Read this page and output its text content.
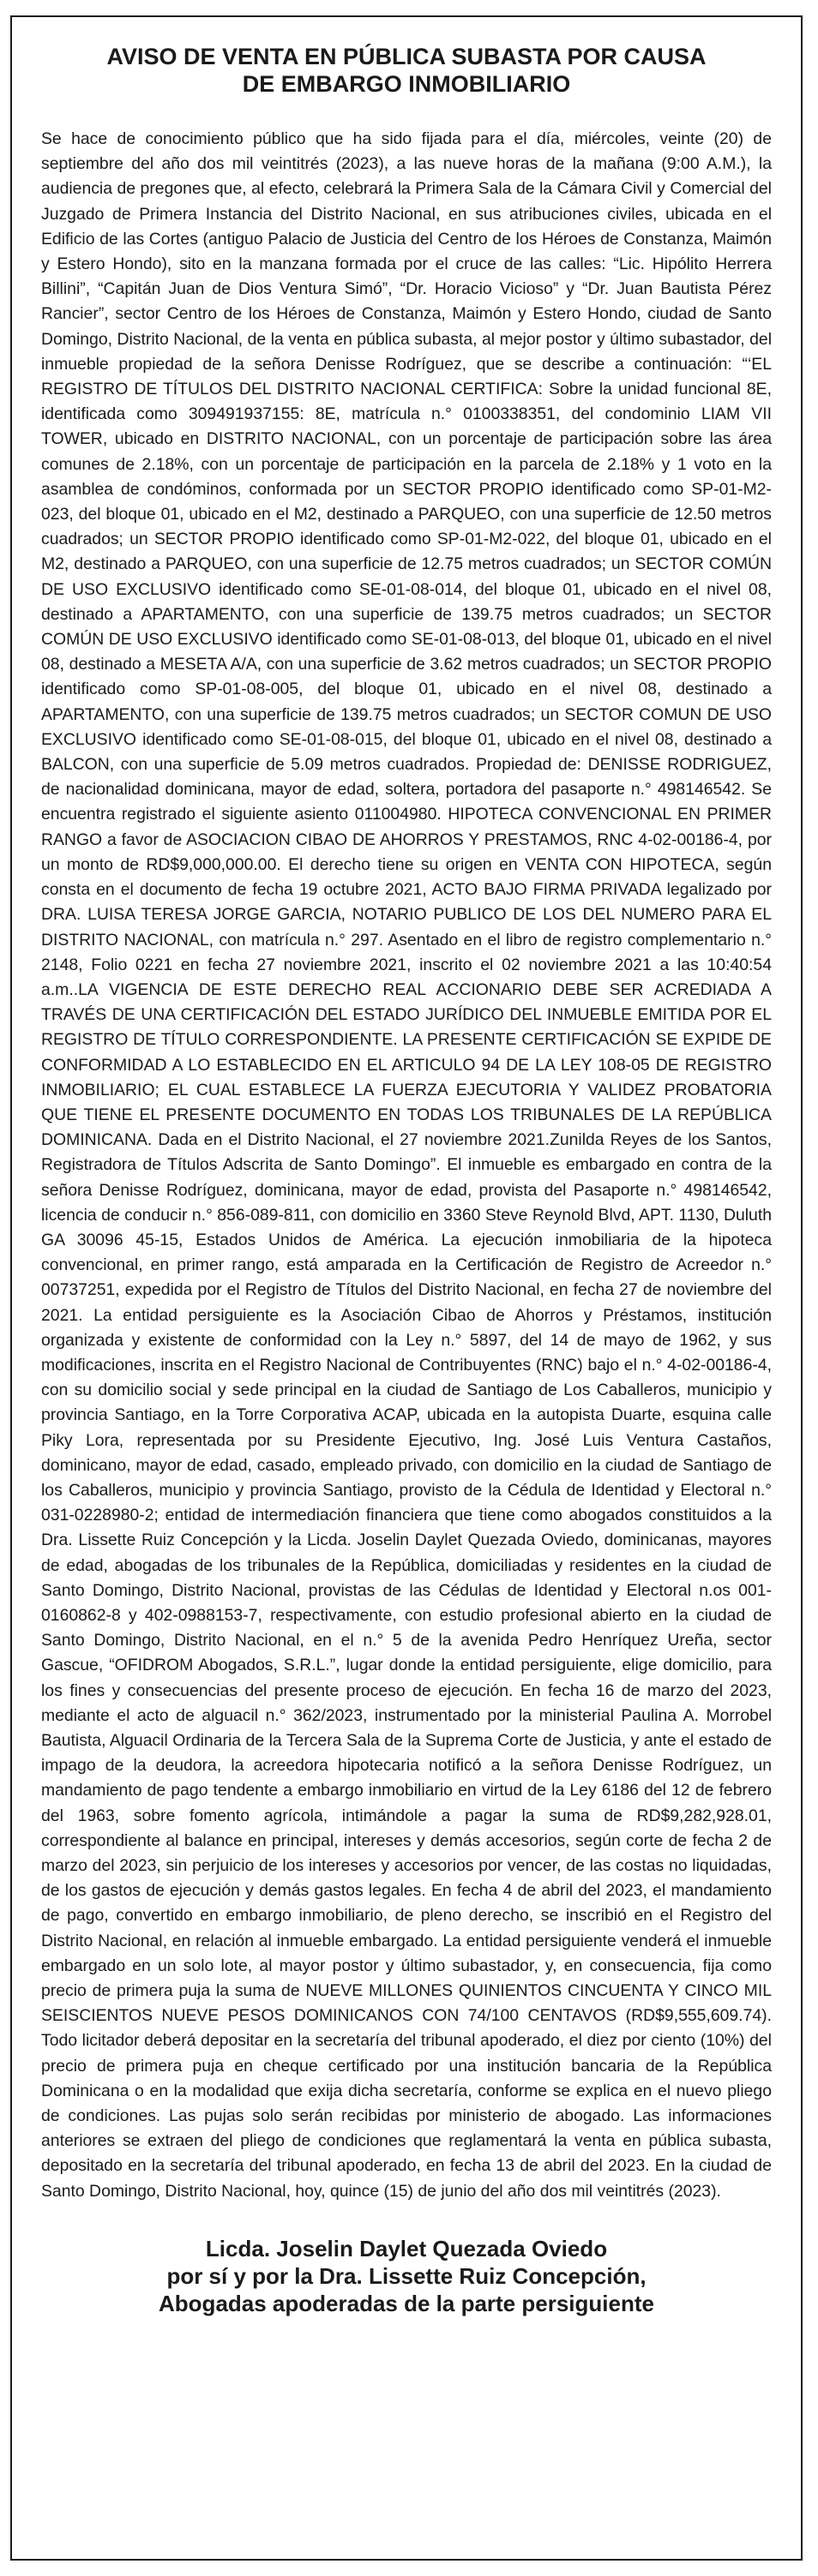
AVISO DE VENTA EN PÚBLICA SUBASTA POR CAUSA
DE EMBARGO INMOBILIARIO

Se hace de conocimiento público que ha sido fijada para el día, miércoles, veinte (20) de septiembre del año dos mil veintitrés (2023), a las nueve horas de la mañana (9:00 A.M.), la audiencia de pregones que, al efecto, celebrará la Primera Sala de la Cámara Civil y Comercial del Juzgado de Primera Instancia del Distrito Nacional, en sus atribuciones civiles, ubicada en el Edificio de las Cortes (antiguo Palacio de Justicia del Centro de los Héroes de Constanza, Maimón y Estero Hondo), sito en la manzana formada por el cruce de las calles: “Lic. Hipólito Herrera Billini”, “Capitán Juan de Dios Ventura Simó”, “Dr. Horacio Vicioso” y “Dr. Juan Bautista Pérez Rancier”, sector Centro de los Héroes de Constanza, Maimón y Estero Hondo, ciudad de Santo Domingo, Distrito Nacional, de la venta en pública subasta, al mejor postor y último subastador, del inmueble propiedad de la señora Denisse Rodríguez, que se describe a continuación: “‘EL REGISTRO DE TÍTULOS DEL DISTRITO NACIONAL CERTIFICA: Sobre la unidad funcional 8E, identificada como 309491937155: 8E, matrícula n.° 0100338351, del condominio LIAM VII TOWER, ubicado en DISTRITO NACIONAL, con un porcentaje de participación sobre las área comunes de 2.18%, con un porcentaje de participación en la parcela de 2.18% y 1 voto en la asamblea de condóminos, conformada por un SECTOR PROPIO identificado como SP-01-M2-023, del bloque 01, ubicado en el M2, destinado a PARQUEO, con una superficie de 12.50 metros cuadrados; un SECTOR PROPIO identificado como SP-01-M2-022, del bloque 01, ubicado en el M2, destinado a PARQUEO, con una superficie de 12.75 metros cuadrados; un SECTOR COMÚN DE USO EXCLUSIVO identificado como SE-01-08-014, del bloque 01, ubicado en el nivel 08, destinado a APARTAMENTO, con una superficie de 139.75 metros cuadrados; un SECTOR COMÚN DE USO EXCLUSIVO identificado como SE-01-08-013, del bloque 01, ubicado en el nivel 08, destinado a MESETA A/A, con una superficie de 3.62 metros cuadrados; un SECTOR PROPIO identificado como SP-01-08-005, del bloque 01, ubicado en el nivel 08, destinado a APARTAMENTO, con una superficie de 139.75 metros cuadrados; un SECTOR COMUN DE USO EXCLUSIVO identificado como SE-01-08-015, del bloque 01, ubicado en el nivel 08, destinado a BALCON, con una superficie de 5.09 metros cuadrados. Propiedad de: DENISSE RODRIGUEZ, de nacionalidad dominicana, mayor de edad, soltera, portadora del pasaporte n.° 498146542. Se encuentra registrado el siguiente asiento 011004980. HIPOTECA CONVENCIONAL EN PRIMER RANGO a favor de ASOCIACION CIBAO DE AHORROS Y PRESTAMOS, RNC 4-02-00186-4, por un monto de RD$9,000,000.00. El derecho tiene su origen en VENTA CON HIPOTECA, según consta en el documento de fecha 19 octubre 2021, ACTO BAJO FIRMA PRIVADA legalizado por DRA. LUISA TERESA JORGE GARCIA, NOTARIO PUBLICO DE LOS DEL NUMERO PARA EL DISTRITO NACIONAL, con matrícula n.° 297. Asentado en el libro de registro complementario n.° 2148, Folio 0221 en fecha 27 noviembre 2021, inscrito el 02 noviembre 2021 a las 10:40:54 a.m..LA VIGENCIA DE ESTE DERECHO REAL ACCIONARIO DEBE SER ACREDIADA A TRAVÉS DE UNA CERTIFICACIÓN DEL ESTADO JURÍDICO DEL INMUEBLE EMITIDA POR EL REGISTRO DE TÍTULO CORRESPONDIENTE. LA PRESENTE CERTIFICACIÓN SE EXPIDE DE CONFORMIDAD A LO ESTABLECIDO EN EL ARTICULO 94 DE LA LEY 108-05 DE REGISTRO INMOBILIARIO; EL CUAL ESTABLECE LA FUERZA EJECUTORIA Y VALIDEZ PROBATORIA QUE TIENE EL PRESENTE DOCUMENTO EN TODAS LOS TRIBUNALES DE LA REPÚBLICA DOMINICANA. Dada en el Distrito Nacional, el 27 noviembre 2021.Zunilda Reyes de los Santos, Registradora de Títulos Adscrita de Santo Domingo”. El inmueble es embargado en contra de la señora Denisse Rodríguez, dominicana, mayor de edad, provista del Pasaporte n.° 498146542, licencia de conducir n.° 856-089-811, con domicilio en 3360 Steve Reynold Blvd, APT. 1130, Duluth GA 30096 45-15, Estados Unidos de América. La ejecución inmobiliaria de la hipoteca convencional, en primer rango, está amparada en la Certificación de Registro de Acreedor n.° 00737251, expedida por el Registro de Títulos del Distrito Nacional, en fecha 27 de noviembre del 2021. La entidad persiguiente es la Asociación Cibao de Ahorros y Préstamos, institución organizada y existente de conformidad con la Ley n.° 5897, del 14 de mayo de 1962, y sus modificaciones, inscrita en el Registro Nacional de Contribuyentes (RNC) bajo el n.° 4-02-00186-4, con su domicilio social y sede principal en la ciudad de Santiago de Los Caballeros, municipio y provincia Santiago, en la Torre Corporativa ACAP, ubicada en la autopista Duarte, esquina calle Piky Lora, representada por su Presidente Ejecutivo, Ing. José Luis Ventura Castaños, dominicano, mayor de edad, casado, empleado privado, con domicilio en la ciudad de Santiago de los Caballeros, municipio y provincia Santiago, provisto de la Cédula de Identidad y Electoral n.° 031-0228980-2; entidad de intermediación financiera que tiene como abogados constituidos a la Dra. Lissette Ruiz Concepción y la Licda. Joselin Daylet Quezada Oviedo, dominicanas, mayores de edad, abogadas de los tribunales de la República, domiciliadas y residentes en la ciudad de Santo Domingo, Distrito Nacional, provistas de las Cédulas de Identidad y Electoral n.os 001-0160862-8 y 402-0988153-7, respectivamente, con estudio profesional abierto en la ciudad de Santo Domingo, Distrito Nacional, en el n.° 5 de la avenida Pedro Henríquez Ureña, sector Gascue, “OFIDROM Abogados, S.R.L.”, lugar donde la entidad persiguiente, elige domicilio, para los fines y consecuencias del presente proceso de ejecución. En fecha 16 de marzo del 2023, mediante el acto de alguacil n.° 362/2023, instrumentado por la ministerial Paulina A. Morrobel Bautista, Alguacil Ordinaria de la Tercera Sala de la Suprema Corte de Justicia, y ante el estado de impago de la deudora, la acreedora hipotecaria notificó a la señora Denisse Rodríguez, un mandamiento de pago tendente a embargo inmobiliario en virtud de la Ley 6186 del 12 de febrero del 1963, sobre fomento agrícola, intimándole a pagar la suma de RD$9,282,928.01, correspondiente al balance en principal, intereses y demás accesorios, según corte de fecha 2 de marzo del 2023, sin perjuicio de los intereses y accesorios por vencer, de las costas no liquidadas, de los gastos de ejecución y demás gastos legales. En fecha 4 de abril del 2023, el mandamiento de pago, convertido en embargo inmobiliario, de pleno derecho, se inscribió en el Registro del Distrito Nacional, en relación al inmueble embargado. La entidad persiguiente venderá el inmueble embargado en un solo lote, al mayor postor y último subastador, y, en consecuencia, fija como precio de primera puja la suma de NUEVE MILLONES QUINIENTOS CINCUENTA Y CINCO MIL SEISCIENTOS NUEVE PESOS DOMINICANOS CON 74/100 CENTAVOS (RD$9,555,609.74). Todo licitador deberá depositar en la secretaría del tribunal apoderado, el diez por ciento (10%) del precio de primera puja en cheque certificado por una institución bancaria de la República Dominicana o en la modalidad que exija dicha secretaría, conforme se explica en el nuevo pliego de condiciones. Las pujas solo serán recibidas por ministerio de abogado. Las informaciones anteriores se extraen del pliego de condiciones que reglamentará la venta en pública subasta, depositado en la secretaría del tribunal apoderado, en fecha 13 de abril del 2023. En la ciudad de Santo Domingo, Distrito Nacional, hoy, quince (15) de junio del año dos mil veintitrés (2023).

Licda. Joselin Daylet Quezada Oviedo
por sí y por la Dra. Lissette Ruiz Concepción,
Abogadas apoderadas de la parte persiguiente
